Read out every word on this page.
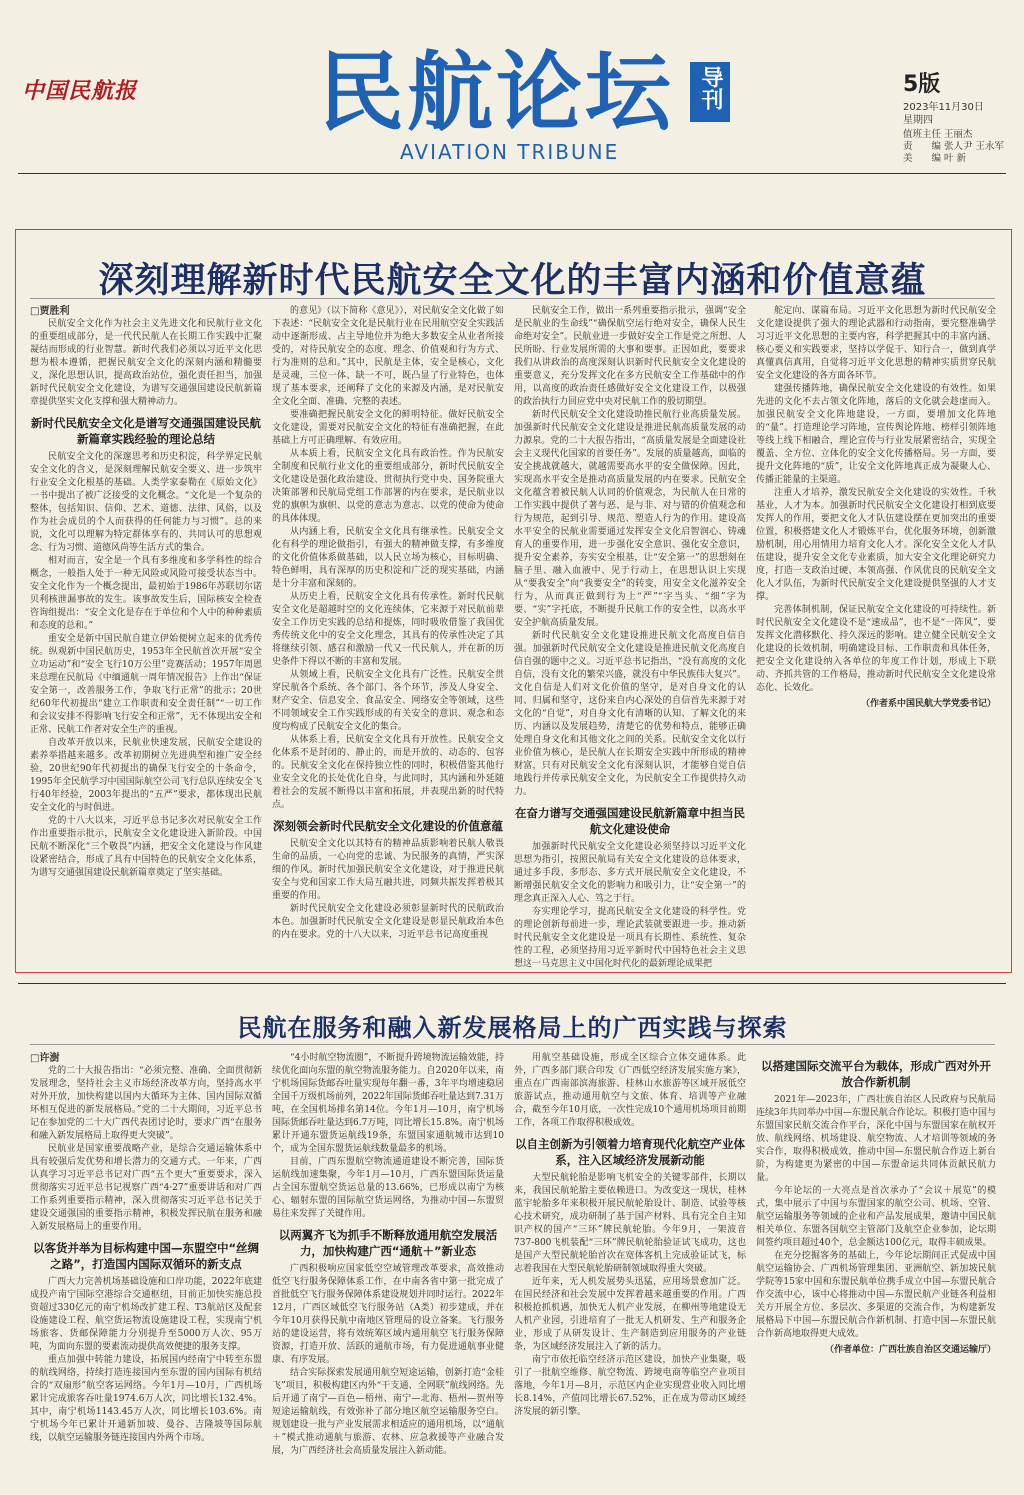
中国民航报 民航论坛	导刊
AVIATION TRIBUNE
5版
2023年11月30日
星期四
值班主任 王丽杰
责　　编 张人尹 王永军
美　　编 叶 新
深刻理解新时代民航安全文化的丰富内涵和价值意蕴
□贾胜利

民航安全文化作为社会主义先进文化和民航行业文化的重要组成部分，是一代代民航人在长期工作实践中汇聚凝结而形成的行业智慧。新时代我们必须以习近平文化思想为根本遵循，把握民航安全文化的深刻内涵和精髓要义，深化思想认识，提高政治站位，强化责任担当，加强新时代民航安全文化建设，为谱写交通强国建设民航新篇章提供坚实文化支撑和强大精神动力。

新时代民航安全文化是谱写交通强国建设民航新篇章实践经验的理论总结

民航安全文化的深邃思考和历史积淀，科学界定民航安全文化的含义，是深刻理解民航安全要义、进一步筑牢行业安全文化根基的基础。人类学家泰勒在《原始文化》一书中提出了被广泛接受的文化概念。“文化是一个复杂的整体，包括知识、信仰、艺术、道德、法律、风俗，以及作为社会成员的个人而获得的任何能力与习惯”。总的来说，文化可以理解为特定群体享有的、共同认可的思想观念、行为习惯、道德风尚等生活方式的集合。

相对而言，安全是一个具有多维度和多学科性的综合概念，一般指人处于一种无风险或风险可接受状态当中。安全文化作为一个概念提出，最初始于1986年苏联切尔诺贝利核泄漏事故的发生。该事故发生后，国际核安全检查咨询组提出：“安全文化是存在于单位和个人中的种种素质和态度的总和。”

重安全是新中国民航自建立伊始便树立起来的优秀传统。纵观新中国民航历史，1953年全民航首次开展“安全立功运动”和“安全飞行10万公里”竞赛活动；1957年周恩来总理在民航局《中缅通航一周年情况报告》上作出“保证安全第一，改善服务工作，争取飞行正常”的批示；20世纪60年代初提出“建立工作职责和安全责任制”“一切工作和会议安排不得影响飞行安全和正常”，无不体现出安全和正常、民航工作者对安全生产的重视。

自改革开放以来，民航业快速发展，民航安全建设的素养举措越来越多。改革初期树立先进典型和推广安全经验，20世纪90年代初提出的确保飞行安全的十条命令，1995年全民航学习中国国际航空公司飞行总队连续安全飞行40年经验，2003年提出的“五严”要求，都体现出民航安全文化的与时俱进。

党的十八大以来，习近平总书记多次对民航安全工作作出重要指示批示，民航安全文化建设进入新阶段。中国民航不断深化“三个敬畏”内涵，把安全文化建设与作风建设紧密结合，形成了具有中国特色的民航安全文化体系，为谱写交通强国建设民航新篇章奠定了坚实基础。

的意见》（以下简称《意见》），对民航安全文化做了如下表述：“民航安全文化是民航行业在民用航空安全实践活动中逐渐形成、占主导地位并为绝大多数安全从业者所接受的，对待民航安全的态度、理念、价值观和行为方式、行为准则的总和。”其中，民航是主体，安全是核心，文化是灵魂，三位一体、缺一不可，既凸显了行业特色，也体现了基本要求，还阐释了文化的来源及内涵，是对民航安全文化全面、准确、完整的表述。

要准确把握民航安全文化的鲜明特征。做好民航安全文化建设，需要对民航安全文化的特征有准确把握，在此基础上方可正确理解、有效应用。

从本质上看，民航安全文化具有政治性。作为民航安全制度和民航行业文化的重要组成部分，新时代民航安全文化建设是强化政治建设、贯彻执行党中央、国务院重大决策部署和民航局党组工作部署的内在要求，是民航业以党的旗帜为旗帜、以党的意志为意志、以党的使命为使命的具体体现。

从内涵上看，民航安全文化具有继承性。民航安全文化有科学的理论做指引，有强大的精神做支撑，有多维度的文化价值体系做基础，以人民立场为核心，目标明确、特色鲜明，具有深厚的历史积淀和广泛的现实基础，内涵是十分丰富和深刻的。

从历史上看，民航安全文化具有传承性。新时代民航安全文化是超越时空的文化连续体，它来源于对民航前辈安全工作历史实践的总结和提炼，同时吸收借鉴了我国优秀传统文化中的安全文化理念，其具有的传承性决定了其将继续引领、感召和激励一代又一代民航人，并在新的历史条件下得以不断的丰富和发展。

从领域上看，民航安全文化具有广泛性。民航安全贯穿民航各个系统、各个部门、各个环节，涉及人身安全、财产安全、信息安全、食品安全、网络安全等领域，这些不同领域安全工作实践形成的有关安全的意识、观念和态度均构成了民航安全文化的集合。

从体系上看，民航安全文化具有开放性。民航安全文化体系不是封闭的、静止的，而是开放的、动态的、包容的。民航安全文化在保持独立性的同时，积极借鉴其他行业安全文化的长处优化自身，与此同时，其内涵和外延随着社会的发展不断得以丰富和拓展，并表现出新的时代特点。

深刻领会新时代民航安全文化建设的价值意蕴

民航安全文化以其特有的精神品质影响着民航人敬畏生命的品质，一心向党的忠诚、为民服务的真情，严实深细的作风。新时代加强民航安全文化建设，对于推进民航安全与党和国家工作大局互融共进，同频共振发挥着极其重要的作用。

新时代民航安全文化建设必须彰显新时代的民航政治本色。加强新时代民航安全文化建设是彰显民航政治本色的内在要求。党的十八大以来，习近平总书记高度重视

民航安全工作，做出一系列重要指示批示，强调“安全是民航业的生命线”“确保航空运行绝对安全，确保人民生命绝对安全”。民航业进一步做好安全工作是党之所想、人民所盼、行业发展所需的大事和要事。正因如此，要要求我们从讲政治的高度深刻认识新时代民航安全文化建设的重要意义，充分发挥文化在多方民航安全工作基础中的作用，以高度的政治责任感做好安全文化建设工作，以极强的政治执行力回应党中央对民航工作的殷切期望。

新时代民航安全文化建设助推民航行业高质量发展。加强新时代民航安全文化建设是推进民航高质量发展的动力源泉。党的二十大报告指出，“高质量发展是全面建设社会主义现代化国家的首要任务”。发展的质量越高，面临的安全挑战就越大，就越需要高水平的安全做保障。因此，实现高水平安全是推动高质量发展的内在要求。民航安全文化蕴含着被民航人认同的价值观念，为民航人在日常的工作实践中提供了著与恶、是与非、对与错的价值观念和行为规范，起到引导、规范、塑造人行为的作用。建设高水平安全的民航业需要通过发挥安全文化启智润心、铸魂育人的重要作用，进一步强化安全意识、强化安全意识，提升安全素养，夯实安全根基，让“安全第一”的思想刻在脑子里、融入血液中、见于行动上，在思想认识上实现从“要我安全”向“我要安全”的转变，用安全文化滋养安全行为，从而真正做到行为上“严”“字当头、“细”字为要、“实”字托底，不断提升民航工作的安全性，以高水平安全护航高质量发展。

新时代民航安全文化建设推进民航文化高度自信自强。加强新时代民航安全文化建设是推进民航文化高度自信自强的题中之义。习近平总书记指出，“没有高度的文化自信，没有文化的繁荣兴盛，就没有中华民族伟大复兴”。文化自信是人们对文化价值的坚守，是对自身文化的认同、归属和坚守，这份来自内心深处的自信首先来源于对文化的“自觉”，对自身文化有清晰的认知、了解文化的来历、内涵以及发展趋势，清楚它的优势和特点，能够正确处理自身文化和其他文化之间的关系。民航安全文化以行业价值为核心，是民航人在长期安全实践中所形成的精神财富，只有对民航安全文化有深刻认识，才能够自觉自信地践行并传承民航安全文化，为民航安全工作提供持久动力。

在奋力谱写交通强国建设民航新篇章中担当民航文化建设使命

加强新时代民航安全文化建设必须坚持以习近平文化思想为指引，按照民航局有关安全文化建设的总体要求，通过多手段、多形态、多方式开展民航安全文化建设，不断增强民航安全文化的影响力和吸引力，让“安全第一”的理念真正深入人心、笃之于行。

夯实理论学习，提高民航安全文化建设的科学性。党的理论创新每前进一步，理论武装就要跟进一步。推动新时代民航安全文化建设是一项具有长期性、系统性、复杂性的工程，必须坚持用习近平新时代中国特色社会主义思想这一马克思主义中国化时代化的最新理论成果把

舵定向、谋篇布局。习近平文化思想为新时代民航安全文化建设提供了强大的理论武器和行动指南，要完整准确学习习近平文化思想的主要内容，科学把握其中的丰富内涵、核心要义和实践要求，坚持以学促干、知行合一，做到真学真懂真信真用，自觉将习近平文化思想的精神实质贯穿民航安全文化建设的各方面各环节。

建强传播阵地，确保民航安全文化建设的有效性。如果先进的文化不去占领文化阵地，落后的文化就会趁虚而入。加强民航安全文化阵地建设，一方面，要增加文化阵地的“量”。打造理论学习阵地，宣传舆论阵地、榜样引领阵地等线上线下相融合，理论宣传与行业发展紧密结合，实现全覆盖、全方位、立体化的安全文化传播格局。另一方面，要提升文化阵地的“质”，让安全文化阵地真正成为凝聚人心、传播正能量的主渠道。

注重人才培养，激发民航安全文化建设的实效性。千秋基业，人才为本。加强新时代民航安全文化建设打相到底要发挥人的作用，要把文化人才队伍建设摆在更加突出的重要位置，积极搭建文化人才锻炼平台，优化服务环境，创新激励机制，用心用情用力培育文化人才。深化安全文化人才队伍建设，提升安全文化专业素质，加大安全文化理论研究力度，打造一支政治过硬、本领高强、作风优良的民航安全文化人才队伍，为新时代民航安全文化建设提供坚强的人才支撑。

完善体制机制，保证民航安全文化建设的可持续性。新时代民航安全文化建设不是“速成品”，也不是“一阵风”，要发挥文化潜移默化、持久深远的影响。建立健全民航安全文化建设的长效机制，明确建设目标、工作职责和具体任务，把安全文化建设纳入各单位的年度工作计划，形成上下联动、齐抓共管的工作格局，推动新时代民航安全文化建设常态化、长效化。

（作者系中国民航大学党委书记）
民航在服务和融入新发展格局上的广西实践与探索
□许澍

党的二十大报告指出：“必须完整、准确、全面贯彻新发展理念，坚持社会主义市场经济改革方向，坚持高水平对外开放，加快构建以国内大循环为主体、国内国际双循环相互促进的新发展格局。”党的二十大期间，习近平总书记在参加党的二十大广西代表团讨论时，要求广西“在服务和融入新发展格局上取得更大突破”。

民航业是国家重要战略产业，是综合交通运输体系中具有较强后发优势和增长潜力的交通方式。一年来，广西认真学习习近平总书记对广西“五个更大”重要要求，深入贯彻落实习近平总书记视察广西“4·27”重要讲话和对广西工作系列重要指示精神，深入贯彻落实习近平总书记关于建设交通强国的重要指示精神，积极发挥民航在服务和融入新发展格局上的重要作用。

以客货并举为目标构建中国—东盟空中“丝绸之路”，打造国内国际双循环的新支点

广西大力完善机场基础设施和口岸功能，2022年底建成投产南宁国际空港综合交通枢纽，目前正加快实施总投资超过330亿元的南宁机场改扩建工程、T3航站区及配套设施建设工程、航空货运物流设施建设工程，实现南宁机场旅客、货邮保障能力分别提升至5000万人次、95万吨，为面向东盟的要素流动提供高效便捷的服务支撑。

重点加强中转能力建设，拓展国内经南宁中转至东盟的航线网络，持续打造连接国内至东盟的国内国际有机结合的“双扇形”航空客运网络。今年1月—10月，广西机场累计完成旅客吞吐量1974.6万人次，同比增长132.4%。其中，南宁机场1143.45万人次，同比增长103.6%。南宁机场今年已累计开通新加坡、曼谷、吉隆坡等国际航线，以航空运输服务链连接国内外两个市场。

“4小时航空物流圈”，不断提升跨境物流运输效能，持续优化面向东盟的航空物流服务能力。自2020年以来，南宁机场国际货邮吞吐量实现每年翻一番，3年平均增速稳居全国千万级机场前列，2022年国际货邮吞吐量达到7.31万吨，在全国机场排名第14位。今年1月—10月，南宁机场国际货邮吞吐量达到6.7万吨，同比增长15.8%。南宁机场累计开通东盟货运航线19条，东盟国家通航城市达到10个，成为全国东盟货运航线数量最多的机场。

目前，广西东盟航空物流通道建设不断完善，国际货运航线加速集聚，今年1月—10月，广西东盟国际货运量占全国东盟航空货运总量的13.66%，已形成以南宁为核心、辐射东盟的国际航空货运网络，为推动中国—东盟贸易往来发挥了关键作用。

以两翼齐飞为抓手不断释放通用航空发展活力，加快构建广西“通航＋”新业态

广西积极响应国家低空空域管理改革要求，高效推动低空飞行服务保障体系工作，在中南各省中第一批完成了首批低空飞行服务保障体系建设规划并同时运行。2022年12月，广西区域低空飞行服务站（A类）初步建成，并在今年10月获得民航中南地区管理局的设立备案。飞行服务站的建设运营，将有效统筹区域内通用航空飞行服务保障资源，打造开放、活跃的通航市场，有力促进通航事业健康、有序发展。

结合实际探索发展通用航空短途运输，创新打造“金桂飞”项目，积极构建区内外“干支通、全网联”航线网络。先后开通了南宁—百色—梧州、南宁—北海、梧州—贺州等短途运输航线，有效弥补了部分地区航空运输服务空白。规划建设一批与产业发展需求相适应的通用机场，以“通航＋”模式推动通航与旅游、农林、应急救援等产业融合发展，为广西经济社会高质量发展注入新动能。

用航空基础设施，形成全区综合立体交通体系。此外，广西多部门联合印发《广西低空经济发展实施方案》，重点在广西南部滨海旅游、桂林山水旅游等区域开展低空旅游试点，推动通用航空与文旅、体育、培训等产业融合，截至今年10月底，一次性完成10个通用机场项目前期工作，各项工作取得积极成效。

以自主创新为引领着力培育现代化航空产业体系，注入区域经济发展新动能

大型民航轮胎是影响飞机安全的关键零部件，长期以来，我国民航轮胎主要依赖进口。为改变这一现状，桂林蓝宇轮胎多年来积极开展民航轮胎设计、制造、试验等核心技术研究，成功研制了基于国产材料、具有完全自主知识产权的国产“三环”牌民航轮胎。今年9月，一架波音737-800飞机装配“三环”牌民航轮胎验证试飞成功，这也是国产大型民航轮胎首次在宽体客机上完成验证试飞，标志着我国在大型民航轮胎研制领域取得重大突破。

近年来，无人机发展势头迅猛，应用场景愈加广泛。在国民经济和社会发展中发挥着越来越重要的作用。广西积极抢抓机遇，加快无人机产业发展，在柳州等地建设无人机产业园，引进培育了一批无人机研发、生产和服务企业，形成了从研发设计、生产制造到应用服务的产业链条，为区域经济发展注入了新的活力。

南宁市依托临空经济示范区建设，加快产业集聚，吸引了一批航空维修、航空物流、跨境电商等临空产业项目落地，今年1月—8月，示范区内企业实现营业收入同比增长8.14%，产值同比增长67.52%，正在成为带动区域经济发展的新引擎。

以搭建国际交流平台为载体，形成广西对外开放合作新机制

2021年—2023年，广西壮族自治区人民政府与民航局连续3年共同举办中国—东盟民航合作论坛。积极打造中国与东盟国家民航交流合作平台，深化中国与东盟国家在航权开放、航线网络、机场建设、航空物流、人才培训等领域的务实合作，取得积极成效，推动中国—东盟民航合作迈上新台阶，为构建更为紧密的中国—东盟命运共同体贡献民航力量。

今年论坛的一大亮点是首次承办了“会议＋展览”的模式，集中展示了中国与东盟国家的航空公司、机场、空管、航空运输服务等领域的企业和产品发展成果，邀请中国民航相关单位、东盟各国航空主管部门及航空企业参加，论坛期间签约项目超过40个，总金额达100亿元，取得丰硕成果。

在充分挖掘客务的基础上，今年论坛期间正式促成中国航空运输协会、广西机场管理集团、亚洲航空、新加坡民航学院等15家中国和东盟民航单位携手成立中国—东盟民航合作交流中心，该中心将推动中国—东盟民航产业链各利益相关方开展全方位、多层次、多渠道的交流合作，为构建新发展格局下中国—东盟民航合作新机制、打造中国—东盟民航合作新高地取得更大成效。

（作者单位：广西壮族自治区交通运输厅）
